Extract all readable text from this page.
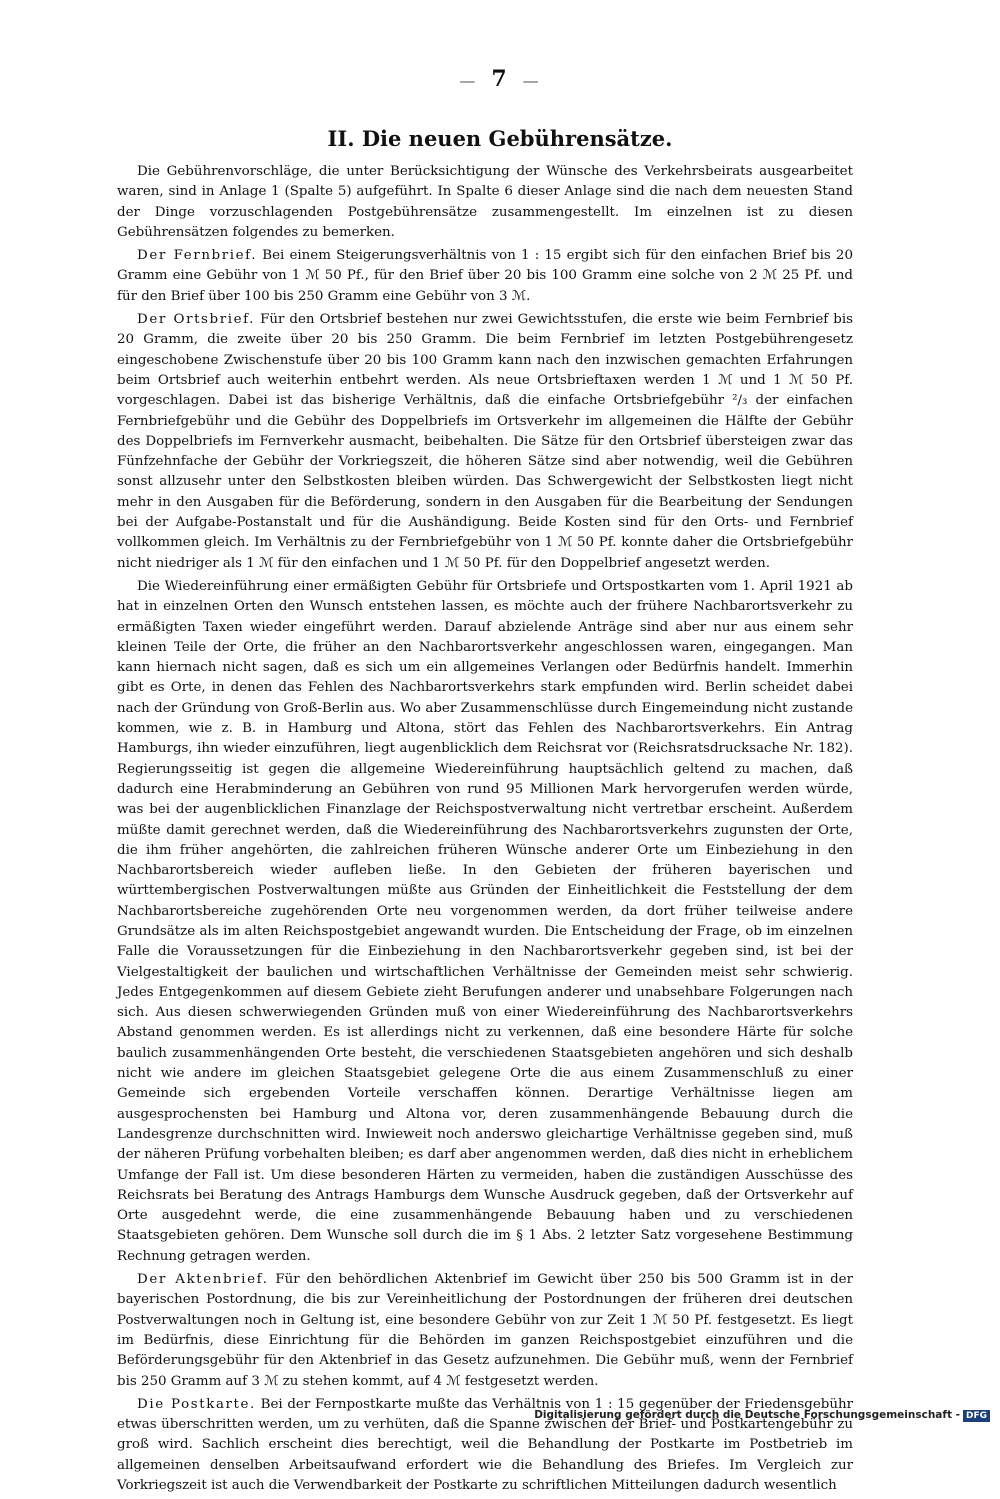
— 7 —
II. Die neuen Gebührensätze.

Die Gebührenvorschläge, die unter Berücksichtigung der Wünsche des Verkehrsbeirats ausgearbeitet waren, sind in Anlage 1 (Spalte 5) aufgeführt. In Spalte 6 dieser Anlage sind die nach dem neuesten Stand der Dinge vorzuschlagenden Postgebührensätze zusammengestellt. Im einzelnen ist zu diesen Gebührensätzen folgendes zu bemerken.

Der Fernbrief. Bei einem Steigerungsverhältnis von 1 : 15 ergibt sich für den einfachen Brief bis 20 Gramm eine Gebühr von 1 ℳ 50 Pf., für den Brief über 20 bis 100 Gramm eine solche von 2 ℳ 25 Pf. und für den Brief über 100 bis 250 Gramm eine Gebühr von 3 ℳ.

Der Ortsbrief. Für den Ortsbrief bestehen nur zwei Gewichtsstufen, die erste wie beim Fernbrief bis 20 Gramm, die zweite über 20 bis 250 Gramm. Die beim Fernbrief im letzten Postgebührengesetz eingeschobene Zwischenstufe über 20 bis 100 Gramm kann nach den inzwischen gemachten Erfahrungen beim Ortsbrief auch weiterhin entbehrt werden. Als neue Ortsbrieftaxen werden 1 ℳ und 1 ℳ 50 Pf. vorgeschlagen. Dabei ist das bisherige Verhältnis, daß die einfache Ortsbriefgebühr ²/₃ der einfachen Fernbriefgebühr und die Gebühr des Doppelbriefs im Ortsverkehr im allgemeinen die Hälfte der Gebühr des Doppelbriefs im Fernverkehr ausmacht, beibehalten. Die Sätze für den Ortsbrief übersteigen zwar das Fünfzehnfache der Gebühr der Vorkriegszeit, die höheren Sätze sind aber notwendig, weil die Gebühren sonst allzusehr unter den Selbstkosten bleiben würden. Das Schwergewicht der Selbstkosten liegt nicht mehr in den Ausgaben für die Beförderung, sondern in den Ausgaben für die Bearbeitung der Sendungen bei der Aufgabe-Postanstalt und für die Aushändigung. Beide Kosten sind für den Orts- und Fernbrief vollkommen gleich. Im Verhältnis zu der Fernbriefgebühr von 1 ℳ 50 Pf. konnte daher die Ortsbriefgebühr nicht niedriger als 1 ℳ für den einfachen und 1 ℳ 50 Pf. für den Doppelbrief angesetzt werden.

Die Wiedereinführung einer ermäßigten Gebühr für Ortsbriefe und Ortspostkarten vom 1. April 1921 ab hat in einzelnen Orten den Wunsch entstehen lassen, es möchte auch der frühere Nachbarortsverkehr zu ermäßigten Taxen wieder eingeführt werden. Darauf abzielende Anträge sind aber nur aus einem sehr kleinen Teile der Orte, die früher an den Nachbarortsverkehr angeschlossen waren, eingegangen. Man kann hiernach nicht sagen, daß es sich um ein allgemeines Verlangen oder Bedürfnis handelt. Immerhin gibt es Orte, in denen das Fehlen des Nachbarortsverkehrs stark empfunden wird. Berlin scheidet dabei nach der Gründung von Groß-Berlin aus. Wo aber Zusammenschlüsse durch Eingemeindung nicht zustande kommen, wie z. B. in Hamburg und Altona, stört das Fehlen des Nachbarortsverkehrs. Ein Antrag Hamburgs, ihn wieder einzuführen, liegt augenblicklich dem Reichsrat vor (Reichsratsdrucksache Nr. 182). Regierungsseitig ist gegen die allgemeine Wiedereinführung hauptsächlich geltend zu machen, daß dadurch eine Herabminderung an Gebühren von rund 95 Millionen Mark hervorgerufen werden würde, was bei der augenblicklichen Finanzlage der Reichspostverwaltung nicht vertretbar erscheint. Außerdem müßte damit gerechnet werden, daß die Wiedereinführung des Nachbarortsverkehrs zugunsten der Orte, die ihm früher angehörten, die zahlreichen früheren Wünsche anderer Orte um Einbeziehung in den Nachbarortsbereich wieder aufleben ließe. In den Gebieten der früheren bayerischen und württembergischen Postverwaltungen müßte aus Gründen der Einheitlichkeit die Feststellung der dem Nachbarortsbereiche zugehörenden Orte neu vorgenommen werden, da dort früher teilweise andere Grundsätze als im alten Reichspostgebiet angewandt wurden. Die Entscheidung der Frage, ob im einzelnen Falle die Voraussetzungen für die Einbeziehung in den Nachbarortsverkehr gegeben sind, ist bei der Vielgestaltigkeit der baulichen und wirtschaftlichen Verhältnisse der Gemeinden meist sehr schwierig. Jedes Entgegenkommen auf diesem Gebiete zieht Berufungen anderer und unabsehbare Folgerungen nach sich. Aus diesen schwerwiegenden Gründen muß von einer Wiedereinführung des Nachbarortsverkehrs Abstand genommen werden. Es ist allerdings nicht zu verkennen, daß eine besondere Härte für solche baulich zusammenhängenden Orte besteht, die verschiedenen Staatsgebieten angehören und sich deshalb nicht wie andere im gleichen Staatsgebiet gelegene Orte die aus einem Zusammenschluß zu einer Gemeinde sich ergebenden Vorteile verschaffen können. Derartige Verhältnisse liegen am ausgesprochensten bei Hamburg und Altona vor, deren zusammenhängende Bebauung durch die Landesgrenze durchschnitten wird. Inwieweit noch anderswo gleichartige Verhältnisse gegeben sind, muß der näheren Prüfung vorbehalten bleiben; es darf aber angenommen werden, daß dies nicht in erheblichem Umfange der Fall ist. Um diese besonderen Härten zu vermeiden, haben die zuständigen Ausschüsse des Reichsrats bei Beratung des Antrags Hamburgs dem Wunsche Ausdruck gegeben, daß der Ortsverkehr auf Orte ausgedehnt werde, die eine zusammenhängende Bebauung haben und zu verschiedenen Staatsgebieten gehören. Dem Wunsche soll durch die im § 1 Abs. 2 letzter Satz vorgesehene Bestimmung Rechnung getragen werden.

Der Aktenbrief. Für den behördlichen Aktenbrief im Gewicht über 250 bis 500 Gramm ist in der bayerischen Postordnung, die bis zur Vereinheitlichung der Postordnungen der früheren drei deutschen Postverwaltungen noch in Geltung ist, eine besondere Gebühr von zur Zeit 1 ℳ 50 Pf. festgesetzt. Es liegt im Bedürfnis, diese Einrichtung für die Behörden im ganzen Reichspostgebiet einzuführen und die Beförderungsgebühr für den Aktenbrief in das Gesetz aufzunehmen. Die Gebühr muß, wenn der Fernbrief bis 250 Gramm auf 3 ℳ zu stehen kommt, auf 4 ℳ festgesetzt werden.

Die Postkarte. Bei der Fernpostkarte mußte das Verhältnis von 1 : 15 gegenüber der Friedensgebühr etwas überschritten werden, um zu verhüten, daß die Spanne zwischen der Brief- und Postkartengebühr zu groß wird. Sachlich erscheint dies berechtigt, weil die Behandlung der Postkarte im Postbetrieb im allgemeinen denselben Arbeitsaufwand erfordert wie die Behandlung des Briefes. Im Vergleich zur Vorkriegszeit ist auch die Verwendbarkeit der Postkarte zu schriftlichen Mitteilungen dadurch wesentlich

Digitalisierung gefördert durch die Deutsche Forschungsgemeinschaft - DFG
